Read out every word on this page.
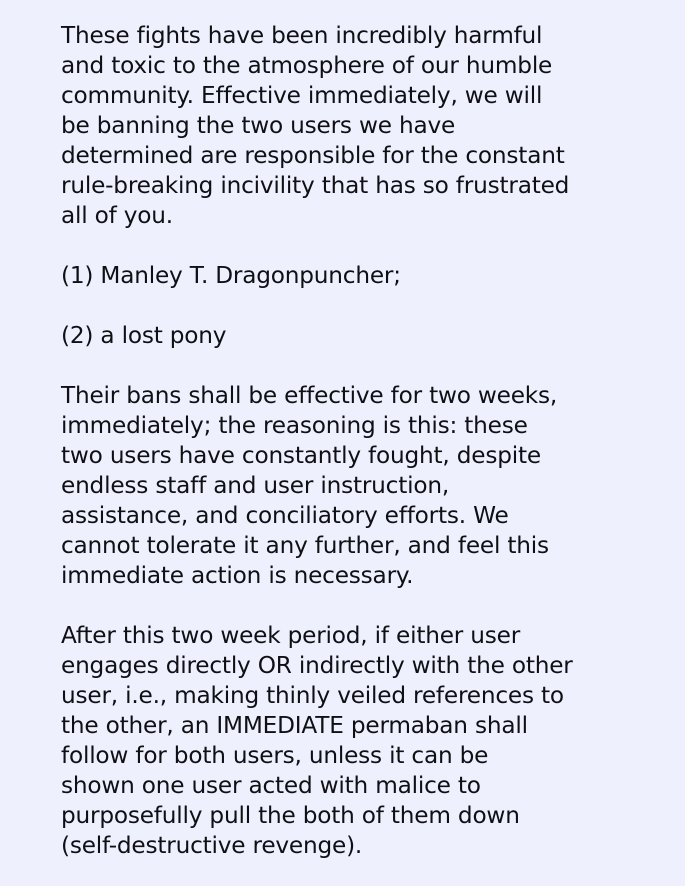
These fights have been incredibly harmful
and toxic to the atmosphere of our humble
community. Effective immediately, we will
be banning the two users we have
determined are responsible for the constant
rule-breaking incivility that has so frustrated
all of you.
(1) Manley T. Dragonpuncher;
(2) a lost pony
Their bans shall be effective for two weeks,
immediately; the reasoning is this: these
two users have constantly fought, despite
endless staff and user instruction,
assistance, and conciliatory efforts. We
cannot tolerate it any further, and feel this
immediate action is necessary.
After this two week period, if either user
engages directly OR indirectly with the other
user, i.e., making thinly veiled references to
the other, an IMMEDIATE permaban shall
follow for both users, unless it can be
shown one user acted with malice to
purposefully pull the both of them down
(self-destructive revenge).
